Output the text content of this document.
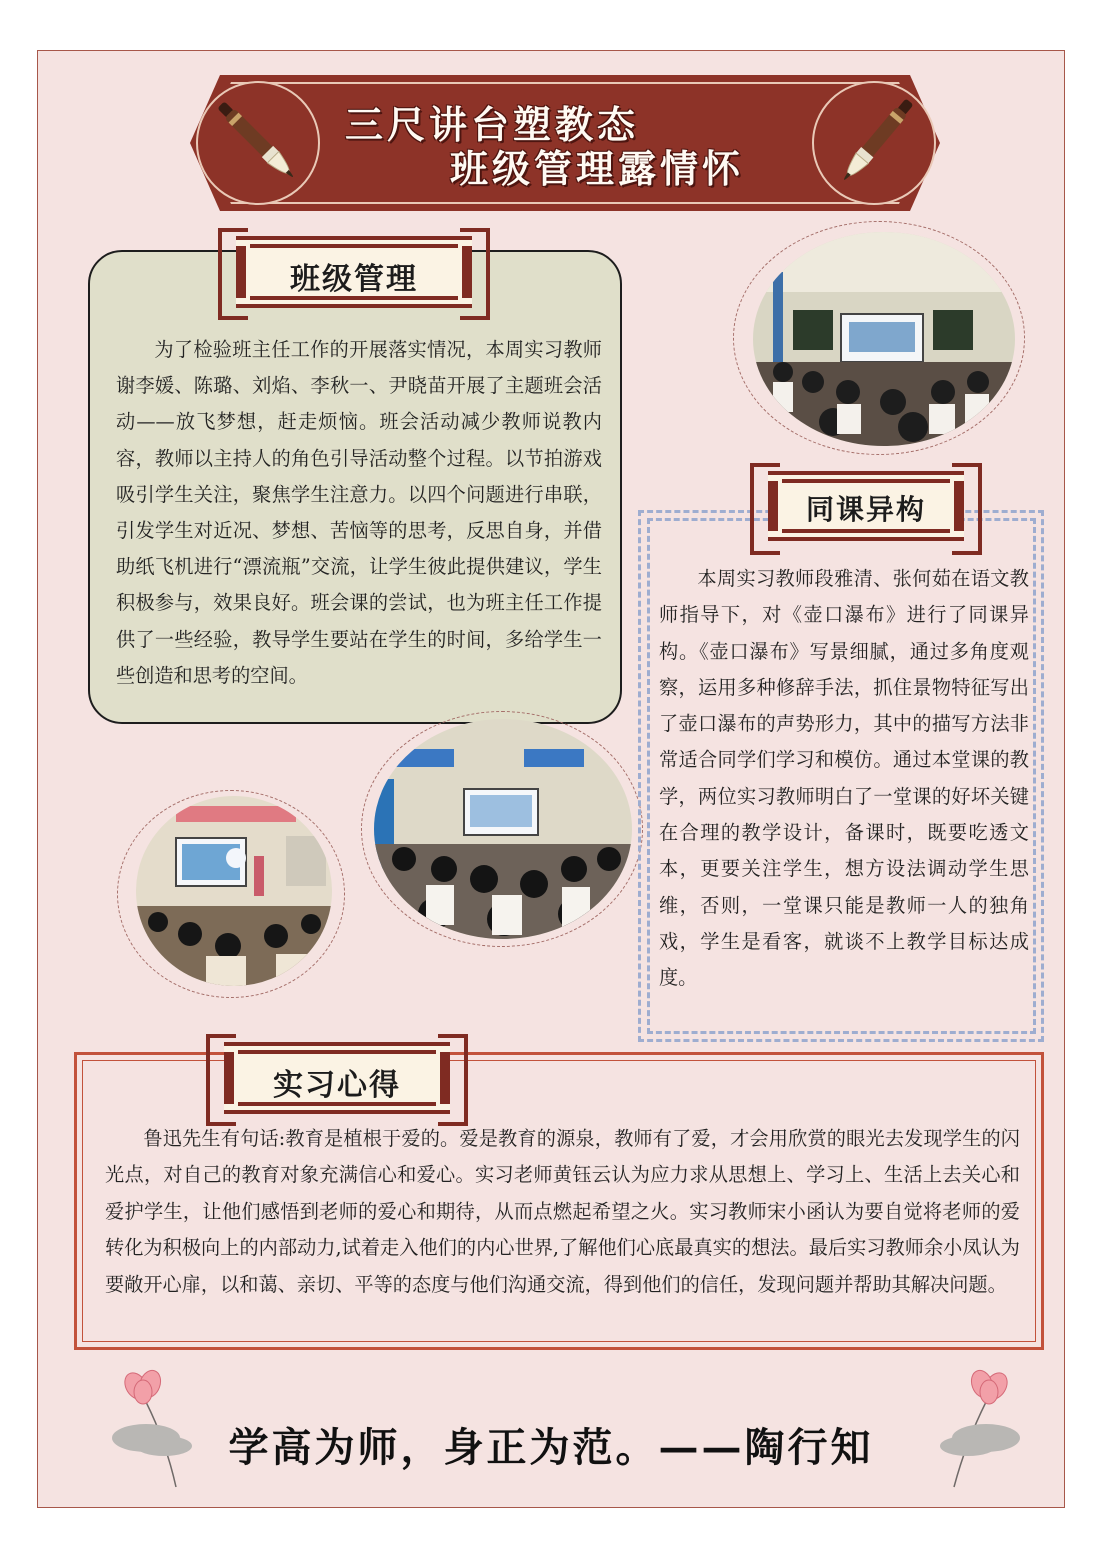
三尺讲台塑教态
班级管理露情怀

为了检验班主任工作的开展落实情况，本周实习教师谢李媛、陈璐、刘焰、李秋一、尹晓苗开展了主题班会活动——放飞梦想，赶走烦恼。班会活动减少教师说教内容，教师以主持人的角色引导活动整个过程。以节拍游戏吸引学生关注，聚焦学生注意力。以四个问题进行串联，引发学生对近况、梦想、苦恼等的思考，反思自身，并借助纸飞机进行“漂流瓶”交流，让学生彼此提供建议，学生积极参与，效果良好。班会课的尝试，也为班主任工作提供了一些经验，教导学生要站在学生的时间，多给学生一些创造和思考的空间。

班级管理

本周实习教师段雅清、张何茹在语文教师指导下，对《壶口瀑布》进行了同课异构。《壶口瀑布》写景细腻，通过多角度观察，运用多种修辞手法，抓住景物特征写出了壶口瀑布的声势形力，其中的描写方法非常适合同学们学习和模仿。通过本堂课的教学，两位实习教师明白了一堂课的好坏关键在合理的教学设计，备课时，既要吃透文本，更要关注学生，想方设法调动学生思维，否则，一堂课只能是教师一人的独角戏，学生是看客，就谈不上教学目标达成度。

同课异构

鲁迅先生有句话:教育是植根于爱的。爱是教育的源泉，教师有了爱，才会用欣赏的眼光去发现学生的闪光点，对自己的教育对象充满信心和爱心。实习老师黄钰云认为应力求从思想上、学习上、生活上去关心和爱护学生，让他们感悟到老师的爱心和期待，从而点燃起希望之火。实习教师宋小函认为要自觉将老师的爱转化为积极向上的内部动力,试着走入他们的内心世界,了解他们心底最真实的想法。最后实习教师余小凤认为要敞开心扉，以和蔼、亲切、平等的态度与他们沟通交流，得到他们的信任，发现问题并帮助其解决问题。

实习心得
学高为师，身正为范。——陶行知
